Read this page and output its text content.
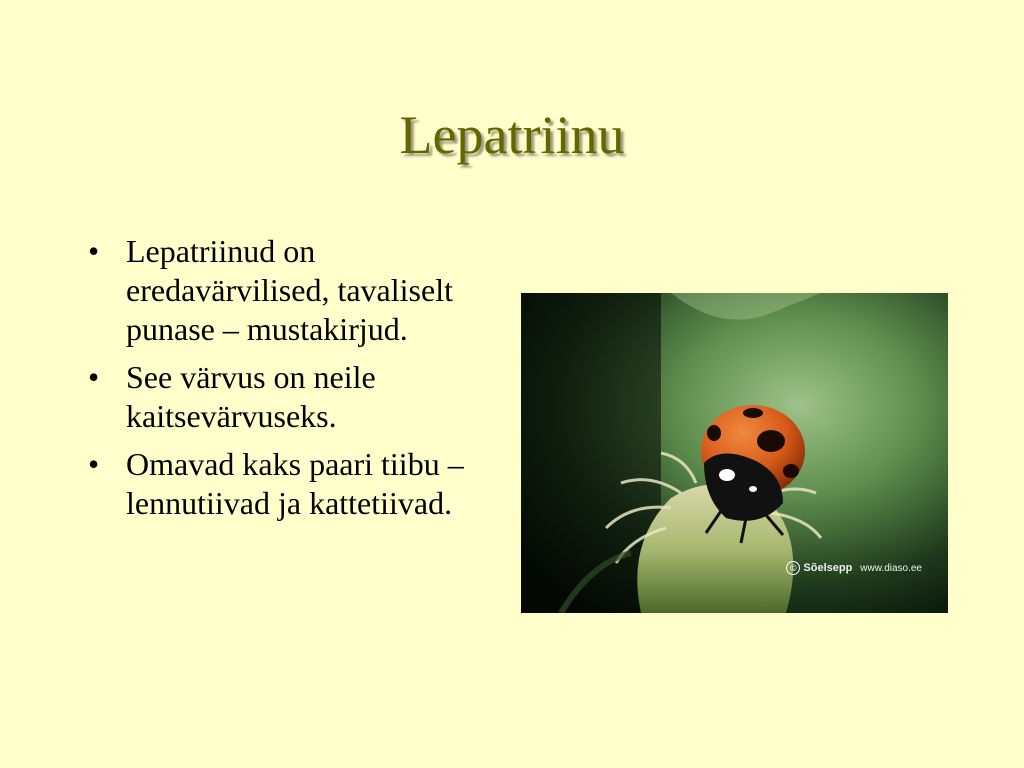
Lepatriinu
• Lepatriinud on eredavärvilised, tavaliselt punase – mustakirjud.
• See värvus on neile kaitsevärvuseks.
• Omavad kaks paari tiibu – lennutiivad ja kattetiivad.
© Sõelsepp www.diaso.ee
